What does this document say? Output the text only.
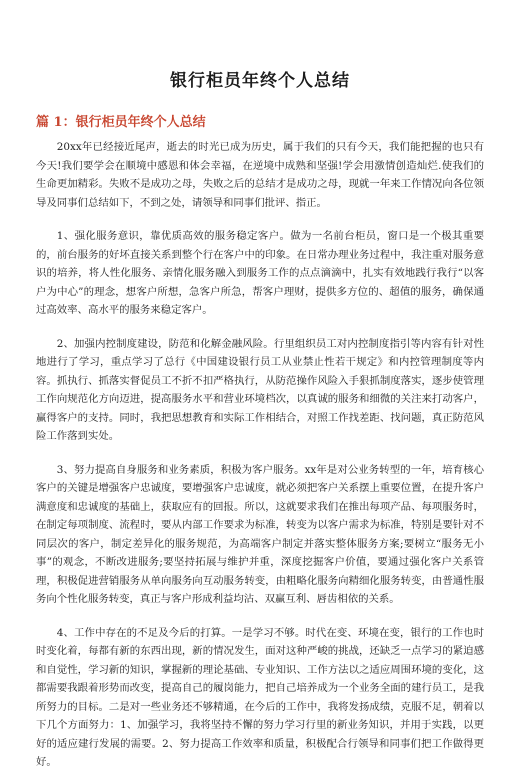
银行柜员年终个人总结
篇 1：银行柜员年终个人总结

20xx年已经接近尾声，逝去的时光已成为历史，属于我们的只有今天，我们能把握的也只有今天!我们要学会在顺境中感恩和体会幸福，在逆境中成熟和坚强!学会用激情创造灿烂.使我们的生命更加精彩。失败不是成功之母，失败之后的总结才是成功之母，现就一年来工作情况向各位领导及同事们总结如下，不到之处，请领导和同事们批评、指正。

1、强化服务意识，靠优质高效的服务稳定客户。做为一名前台柜员，窗口是一个极其重要的，前台服务的好坏直接关系到整个行在客户中的印象。在日常办理业务过程中，我注重对服务意识的培养，将人性化服务、亲情化服务融入到服务工作的点点滴滴中，扎实有效地践行我行“以客户为中心”的理念，想客户所想，急客户所急，帮客户理财，提供多方位的、超值的服务，确保通过高效率、高水平的服务来稳定客户。

2、加强内控制度建设，防范和化解金融风险。行里组织员工对内控制度指引等内容有针对性地进行了学习，重点学习了总行《中国建设银行员工从业禁止性若干规定》和内控管理制度等内容。抓执行、抓落实督促员工不折不扣严格执行，从防范操作风险入手狠抓制度落实，逐步使管理工作向规范化方向迈进，提高服务水平和营业环境档次，以真诚的服务和细微的关注来打动客户，赢得客户的支持。同时，我把思想教育和实际工作相结合，对照工作找差距、找问题，真正防范风险工作落到实处。

3、努力提高自身服务和业务素质，积极为客户服务。xx年是对公业务转型的一年，培育核心客户的关键是增强客户忠诚度，要增强客户忠诚度，就必须把客户关系摆上重要位置，在提升客户满意度和忠诚度的基础上，获取应有的回报。所以，这就要求我们在推出每项产品、每项服务时，在制定每项制度、流程时，要从内部工作要求为标准，转变为以客户需求为标准，特别是要针对不同层次的客户，制定差异化的服务规范，为高端客户制定并落实整体服务方案;要树立“服务无小事”的观念，不断改进服务;要坚持拓展与维护并重，深度挖掘客户价值，要通过强化客户关系管理，积极促进营销服务从单向服务向互动服务转变，由粗略化服务向精细化服务转变，由普通性服务向个性化服务转变，真正与客户形成利益均沾、双赢互利、唇齿相依的关系。

4、工作中存在的不足及今后的打算。一是学习不够。时代在变、环境在变，银行的工作也时时变化着，每都有新的东西出现，新的情况发生，面对这种严峻的挑战，还缺乏一点学习的紧迫感和自觉性，学习新的知识，掌握新的理论基础、专业知识、工作方法以之适应周围环境的变化，这都需要我跟着形势而改变，提高自己的履岗能力，把自己培养成为一个业务全面的建行员工，是我所努力的目标。二是对一些业务还不够精通，在今后的工作中，我将发扬成绩，克服不足，朝着以下几个方面努力：1、加强学习，我将坚持不懈的努力学习行里的新业务知识，并用于实践，以更好的适应建行发展的需要。2、努力提高工作效率和质量，积极配合行领导和同事们把工作做得更好。
